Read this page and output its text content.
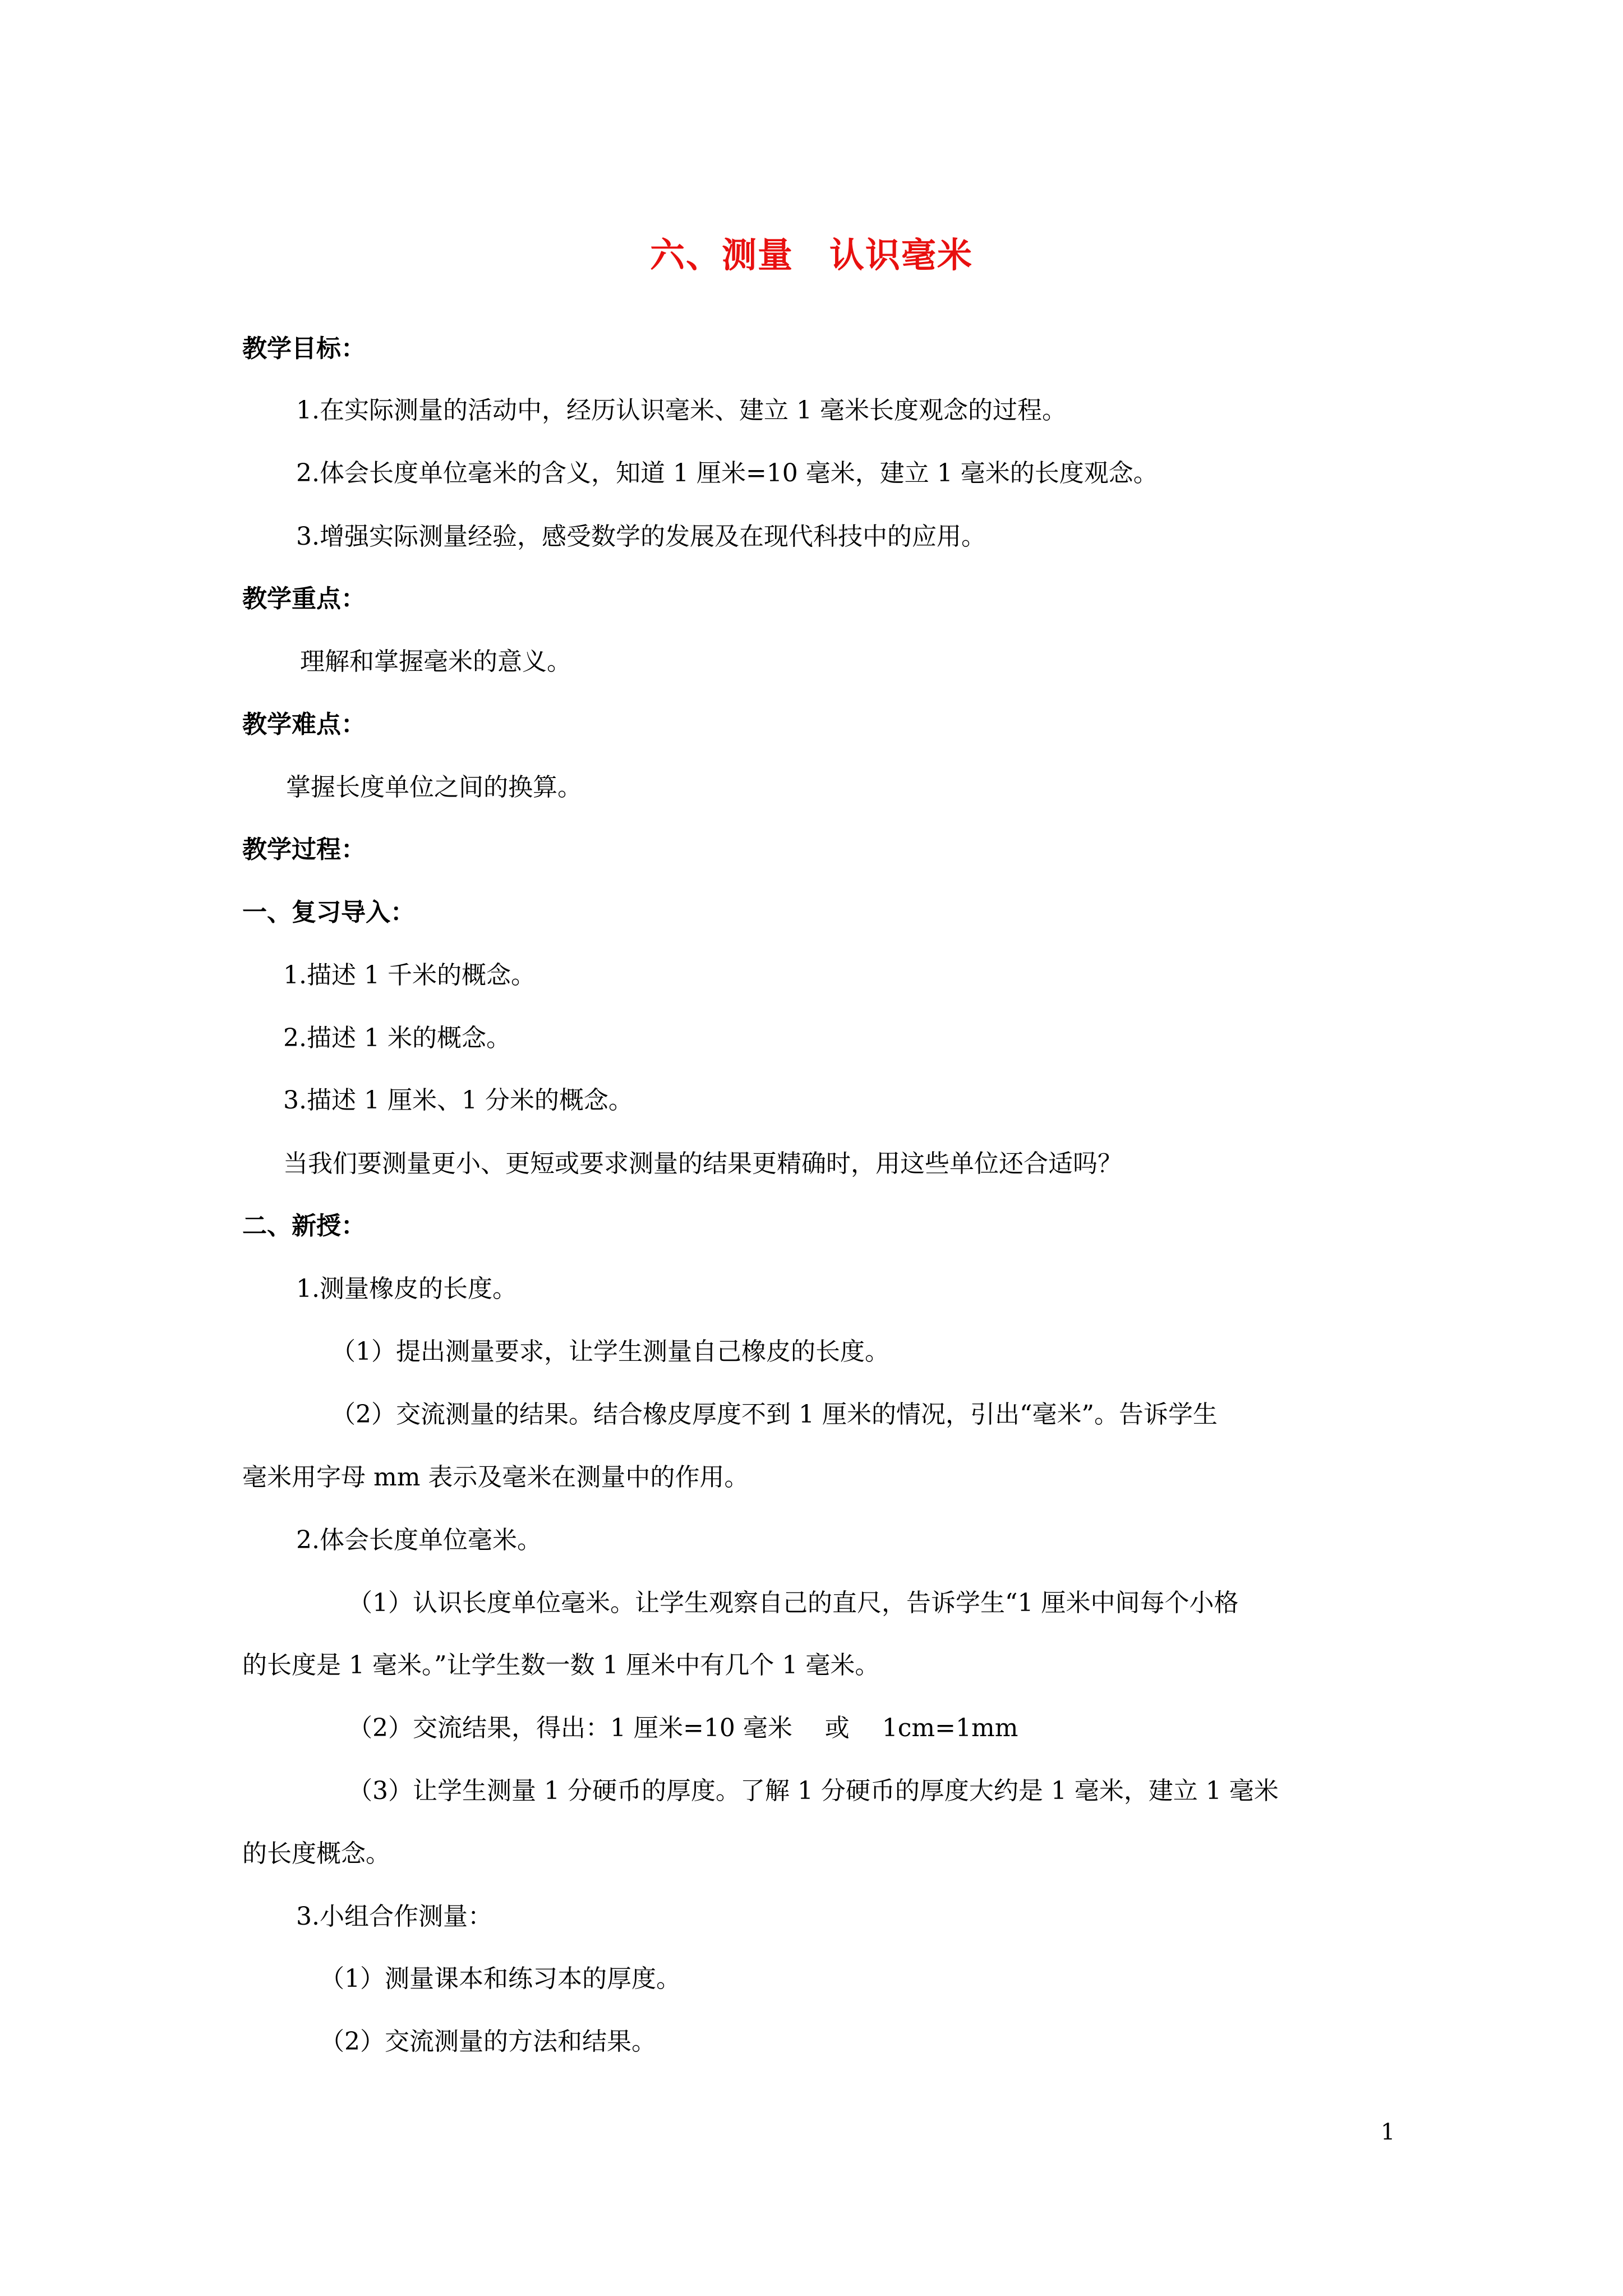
六、测量　认识毫米
教学目标：
1.在实际测量的活动中，经历认识毫米、建立 1 毫米长度观念的过程。
2.体会长度单位毫米的含义，知道 1 厘米=10 毫米，建立 1 毫米的长度观念。
3.增强实际测量经验，感受数学的发展及在现代科技中的应用。
教学重点：
理解和掌握毫米的意义。
教学难点：
掌握长度单位之间的换算。
教学过程：
一、复习导入：
1.描述 1 千米的概念。
2.描述 1 米的概念。
3.描述 1 厘米、1 分米的概念。
当我们要测量更小、更短或要求测量的结果更精确时，用这些单位还合适吗？
二、新授：
1.测量橡皮的长度。
（1）提出测量要求，让学生测量自己橡皮的长度。
（2）交流测量的结果。结合橡皮厚度不到 1 厘米的情况，引出“毫米”。告诉学生
毫米用字母 mm 表示及毫米在测量中的作用。
2.体会长度单位毫米。
（1）认识长度单位毫米。让学生观察自己的直尺，告诉学生“1 厘米中间每个小格
的长度是 1 毫米。”让学生数一数 1 厘米中有几个 1 毫米。
（2）交流结果，得出：1 厘米=10 毫米　 或　 1cm=1mm
（3）让学生测量 1 分硬币的厚度。了解 1 分硬币的厚度大约是 1 毫米，建立 1 毫米
的长度概念。
3.小组合作测量：
（1）测量课本和练习本的厚度。
（2）交流测量的方法和结果。
1
